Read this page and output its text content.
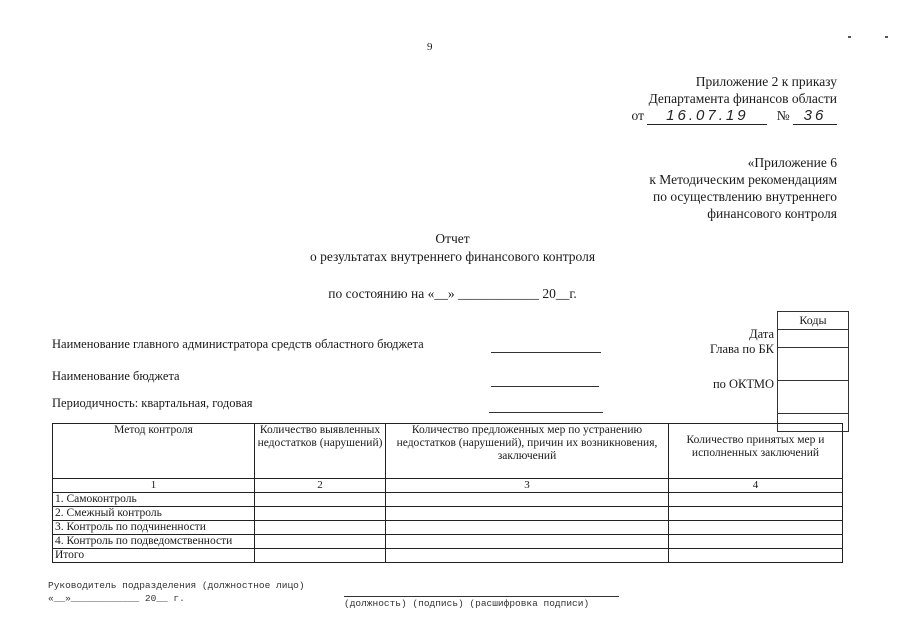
9
Приложение 2 к приказу
Департамента финансов области
от 16.07.19 № 36
«Приложение 6
к Методическим рекомендациям
по осуществлению внутреннего
финансового контроля
Отчет
о результатах внутреннего финансового контроля
по состоянию на «__» ____________ 20__г.
Наименование главного администратора средств областного бюджета
Наименование бюджета
Периодичность: квартальная, годовая
Дата
Глава по БК
по ОКТМО
Коды

Метод контроля	Количество выявленных недостатков (нарушений)	Количество предложенных мер по устранению недостатков (нарушений), причин их возникновения, заключений	Количество принятых мер и исполненных заключений
1	2	3	4
1. Самоконтроль			
2. Смежный контроль			
3. Контроль по подчиненности			
4. Контроль по подведомственности			
Итого			
Руководитель подразделения (должностное лицо)
«__»____________ 20__ г.	(должность) (подпись) (расшифровка подписи)
